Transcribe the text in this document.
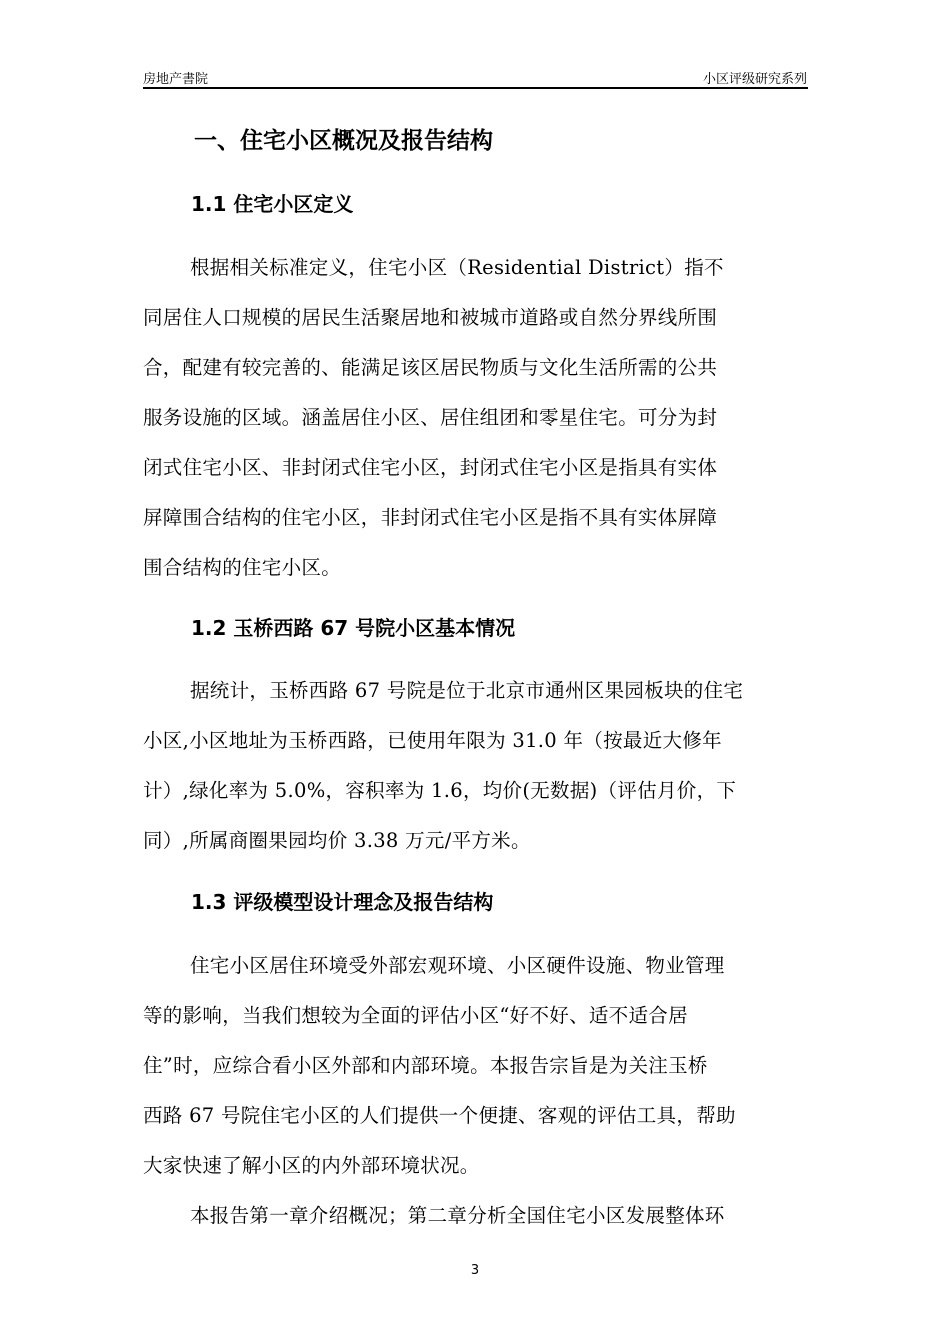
房地产書院	小区评级研究系列
一、住宅小区概况及报告结构
1.1 住宅小区定义
根据相关标准定义，住宅小区（Residential District）指不
同居住人口规模的居民生活聚居地和被城市道路或自然分界线所围
合，配建有较完善的、能满足该区居民物质与文化生活所需的公共
服务设施的区域。涵盖居住小区、居住组团和零星住宅。可分为封
闭式住宅小区、非封闭式住宅小区，封闭式住宅小区是指具有实体
屏障围合结构的住宅小区，非封闭式住宅小区是指不具有实体屏障
围合结构的住宅小区。
1.2 玉桥西路 67 号院小区基本情况
据统计，玉桥西路 67 号院是位于北京市通州区果园板块的住宅
小区,小区地址为玉桥西路，已使用年限为 31.0 年（按最近大修年
计）,绿化率为 5.0%，容积率为 1.6，均价(无数据)（评估月价，下
同）,所属商圈果园均价 3.38 万元/平方米。
1.3 评级模型设计理念及报告结构
住宅小区居住环境受外部宏观环境、小区硬件设施、物业管理
等的影响，当我们想较为全面的评估小区“好不好、适不适合居
住”时，应综合看小区外部和内部环境。本报告宗旨是为关注玉桥
西路 67 号院住宅小区的人们提供一个便捷、客观的评估工具，帮助
大家快速了解小区的内外部环境状况。
本报告第一章介绍概况；第二章分析全国住宅小区发展整体环
3
